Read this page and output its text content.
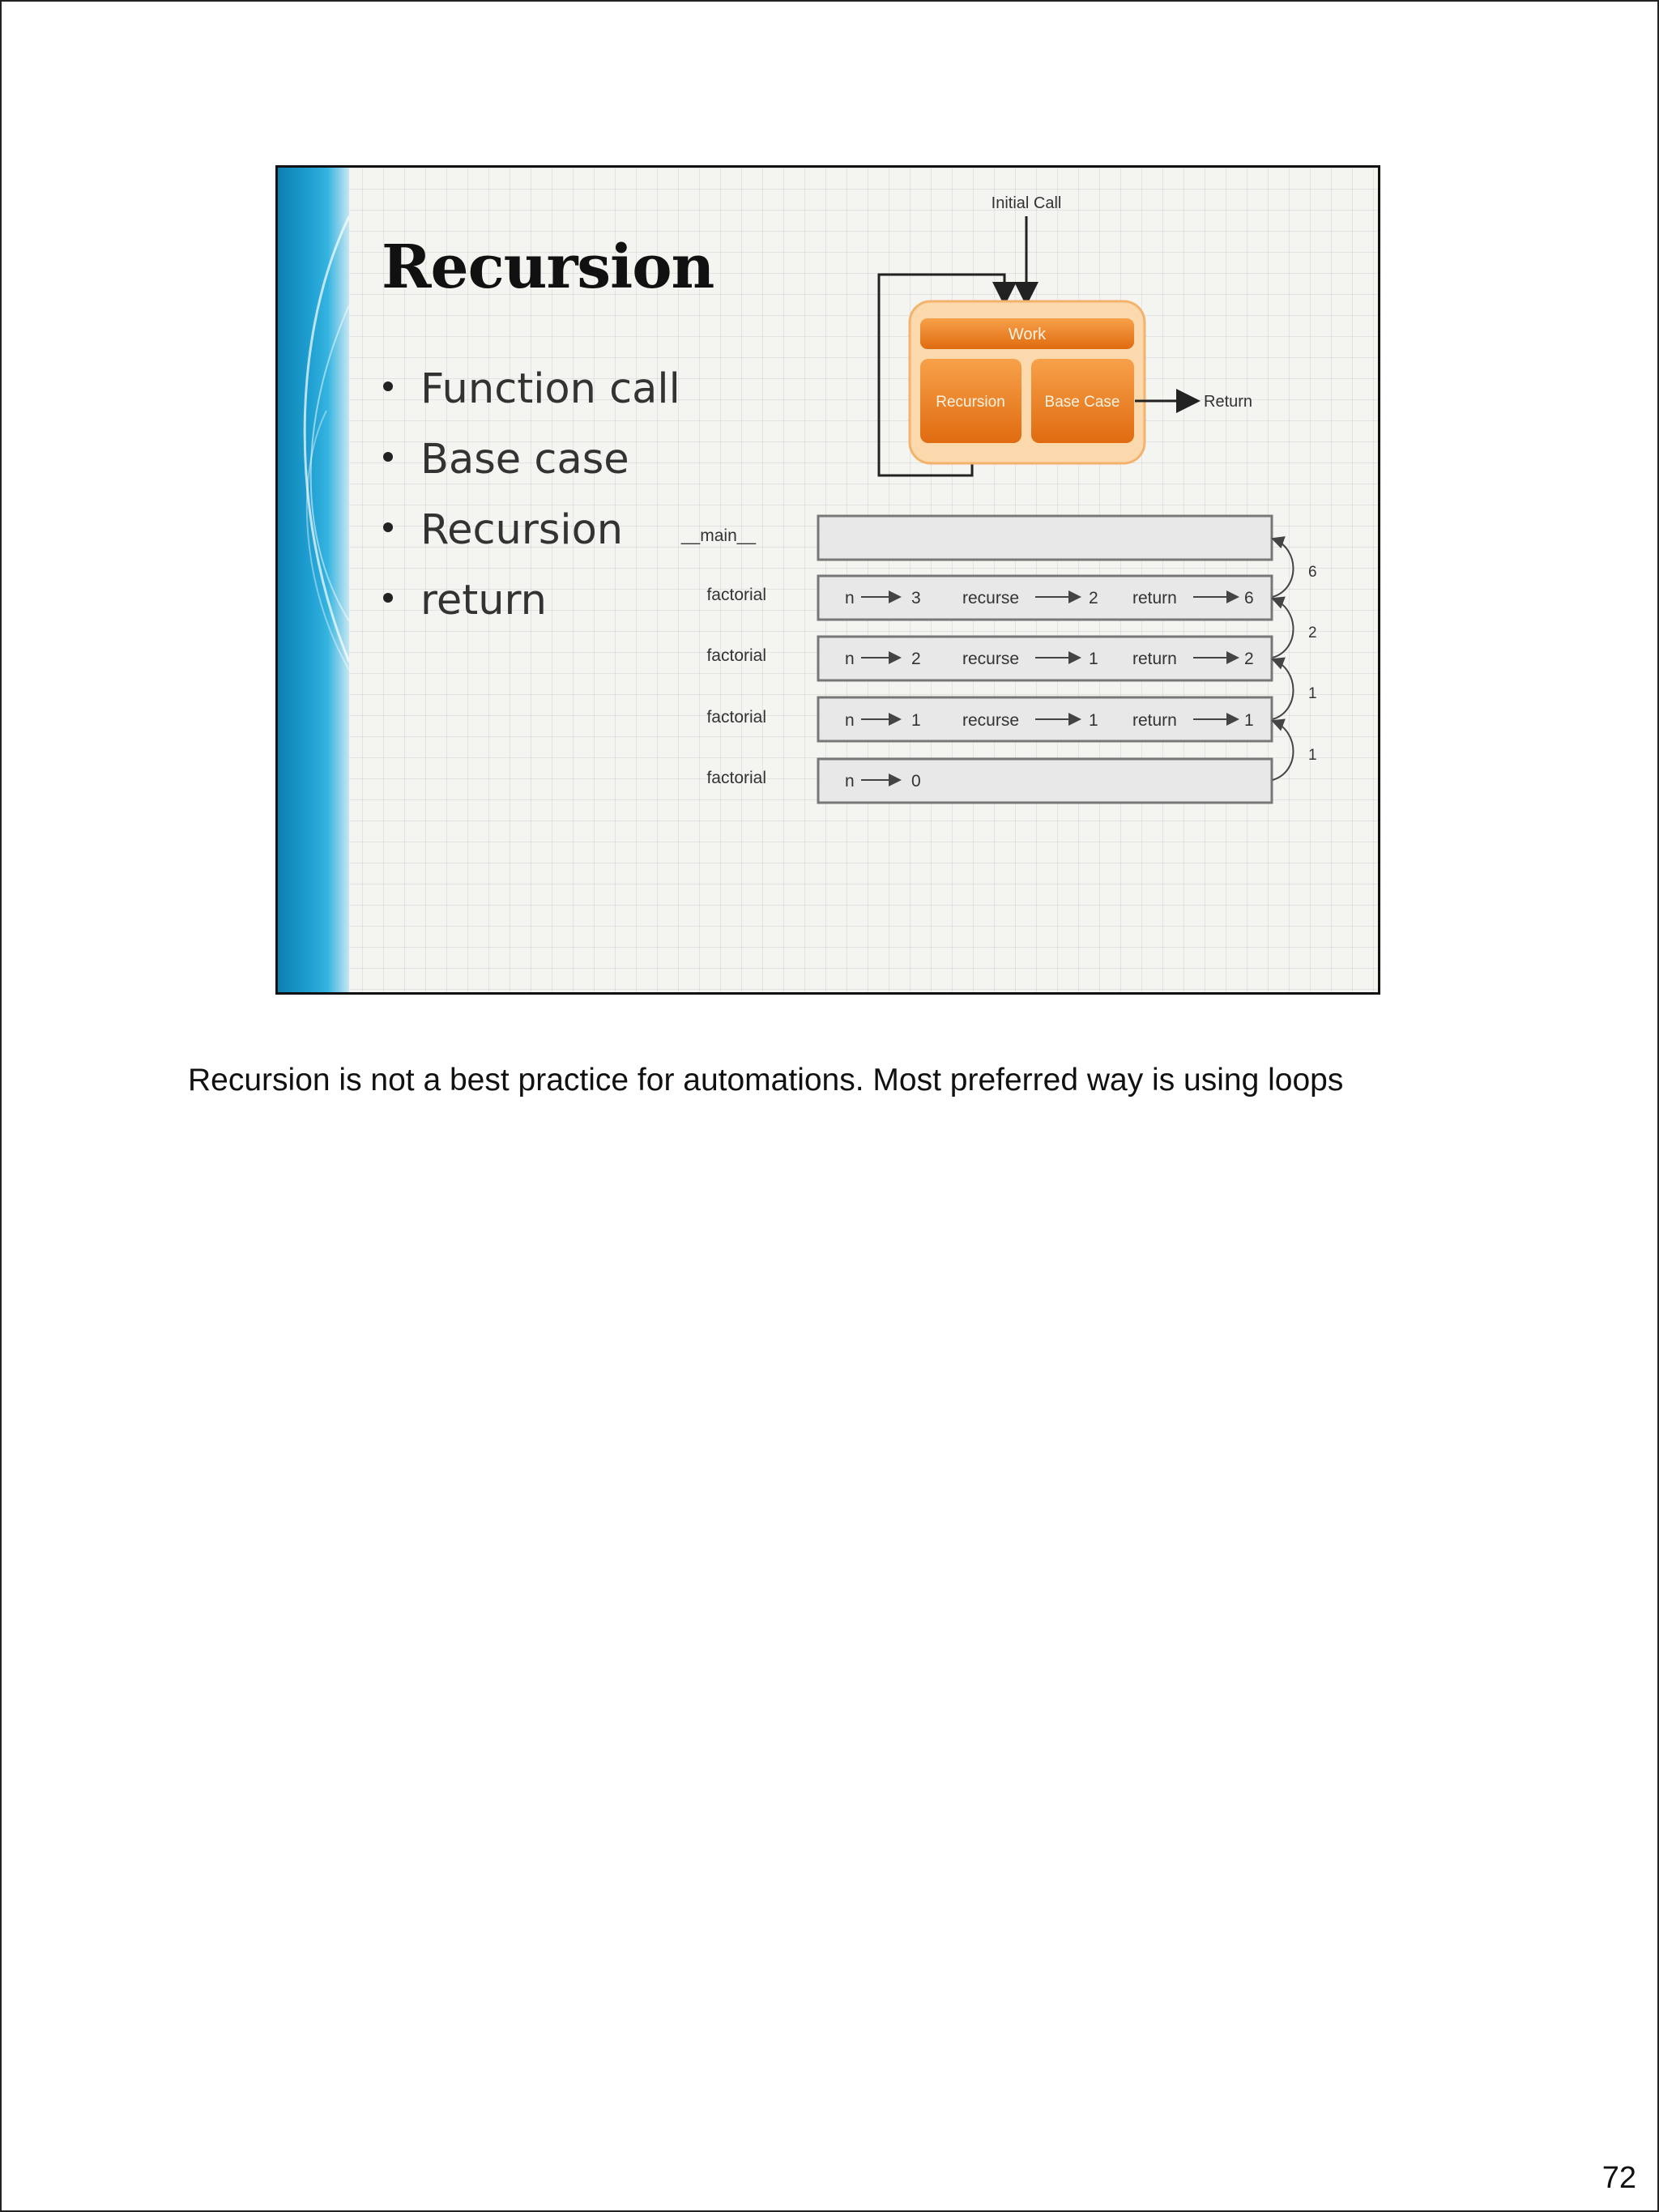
Recursion
Function call
Base case
Recursion
return
Initial Call
Work
Recursion	Base Case	Return
__main__
factorial	n	3 recurse	2 return	6
factorial	n	2 recurse	1 return	2
factorial	n	1 recurse	1 return	1
factorial	n	0
6
2
1
1
Recursion is not a best practice for automations. Most preferred way is using loops
72
